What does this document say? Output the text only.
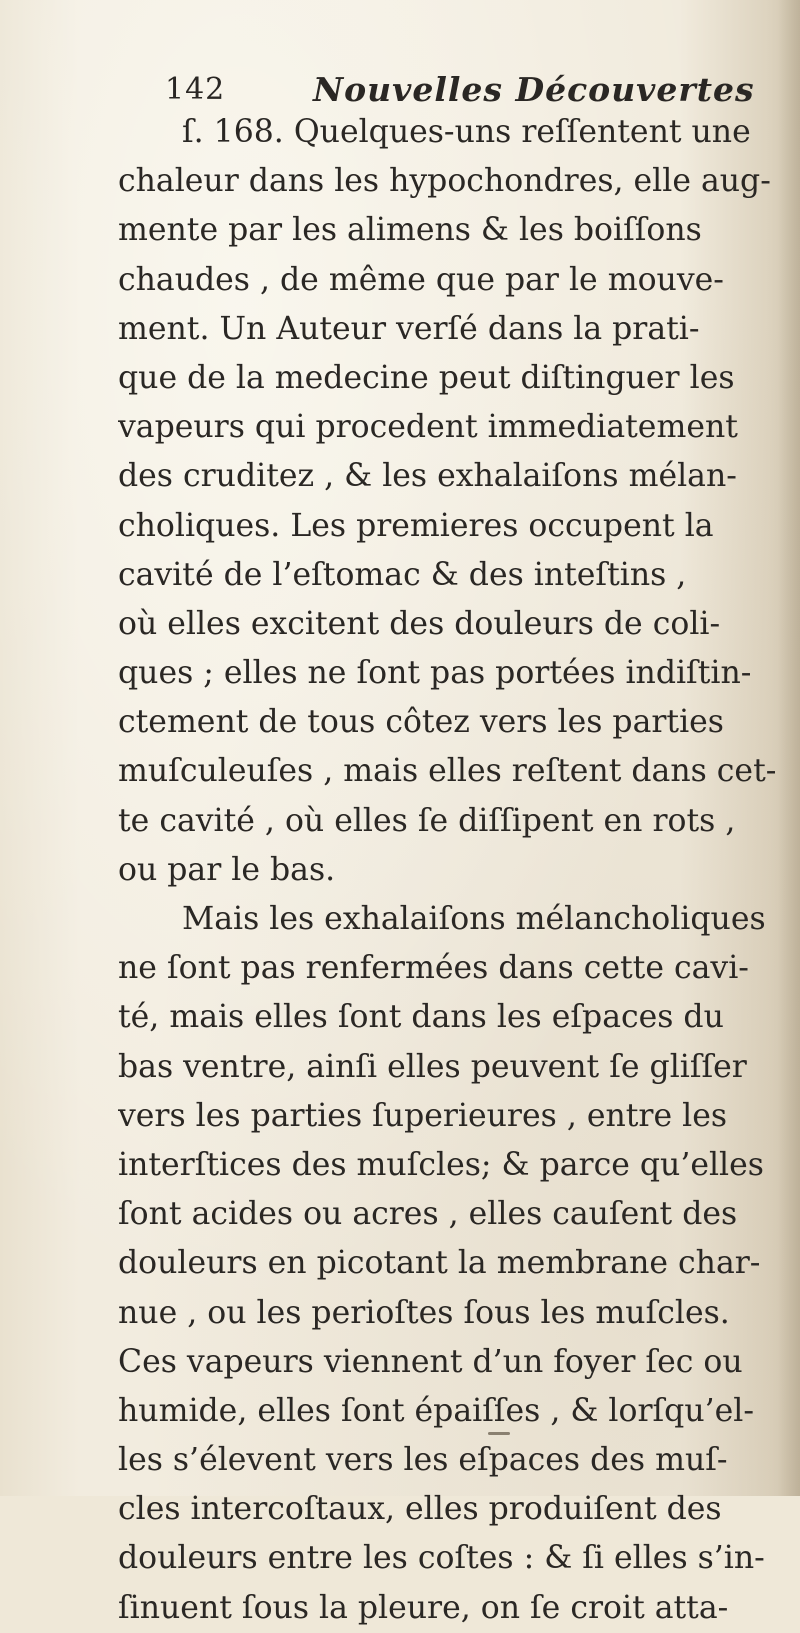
142	Nouvelles Découvertes
ſ. 168. Quelques-uns reſſentent une
chaleur dans les hypochondres, elle aug-
mente par les alimens & les boiſſons
chaudes , de même que par le mouve-
ment. Un Auteur verſé dans la prati-
que de la medecine peut diſtinguer les
vapeurs qui procedent immediatement
des cruditez , & les exhalaiſons mélan-
choliques. Les premieres occupent la
cavité de l’eſtomac & des inteſtins ,
où elles excitent des douleurs de coli-
ques ; elles ne ſont pas portées indiſtin-
ctement de tous côtez vers les parties
muſculeuſes , mais elles reſtent dans cet-
te cavité , où elles ſe diſſipent en rots ,
ou par le bas.
Mais les exhalaiſons mélancholiques
ne ſont pas renfermées dans cette cavi-
té, mais elles ſont dans les eſpaces du
bas ventre, ainſi elles peuvent ſe gliſſer
vers les parties ſuperieures , entre les
interſtices des muſcles; & parce qu’elles
ſont acides ou acres , elles cauſent des
douleurs en picotant la membrane char-
nue , ou les perioſtes ſous les muſcles.
Ces vapeurs viennent d’un foyer ſec ou
humide, elles ſont épaiſſes , & lorſqu’el-
les s’élevent vers les eſpaces des muſ-
cles intercoſtaux, elles produiſent des
douleurs entre les coſtes : & ſi elles s’in-
ſinuent ſous la pleure, on ſe croit atta-
